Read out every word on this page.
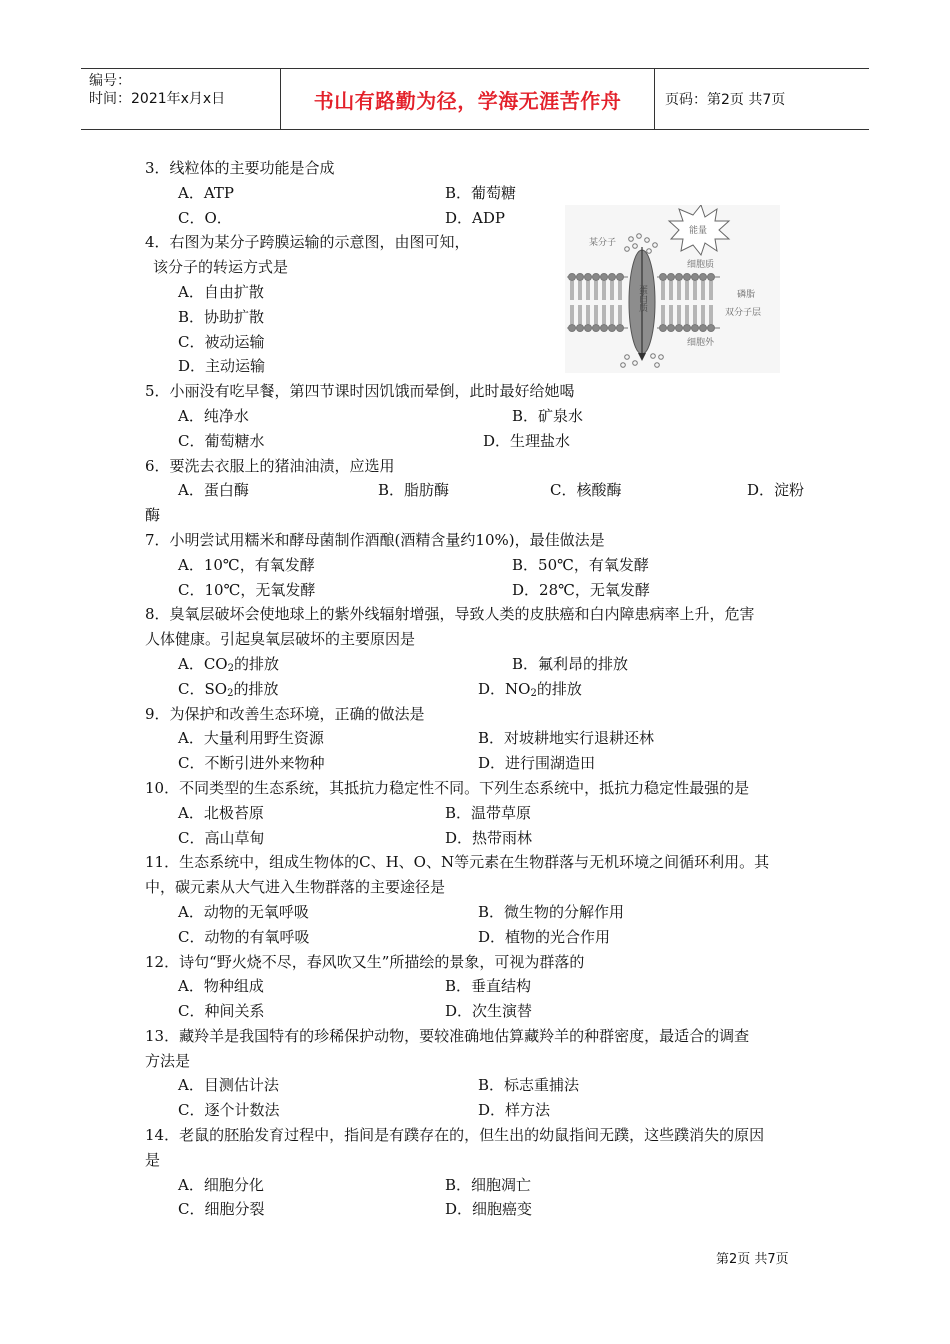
编号：
时间：2021年x月x日	书山有路勤为径，学海无涯苦作舟	页码：第2页 共7页
3．线粒体的主要功能是合成
A．ATP	B．葡萄糖
C．O．	D．ADP
4．右图为某分子跨膜运输的示意图，由图可知，
该分子的转运方式是
A．自由扩散
B．协助扩散
C．被动运输
D．主动运输
5．小丽没有吃早餐，第四节课时因饥饿而晕倒，此时最好给她喝
A．纯净水	B．矿泉水
C．葡萄糖水	D．生理盐水
6．要洗去衣服上的猪油油渍，应选用
A．蛋白酶	B．脂肪酶	C．核酸酶	D．淀粉
酶
7．小明尝试用糯米和酵母菌制作酒酿(酒精含量约10%)，最佳做法是
A．10℃，有氧发酵	B．50℃，有氧发酵
C．10℃，无氧发酵	D．28℃，无氧发酵
8．臭氧层破坏会使地球上的紫外线辐射增强，导致人类的皮肤癌和白内障患病率上升，危害
人体健康。引起臭氧层破坏的主要原因是
A．$CO_2$的排放	B．氟利昂的排放
C．$SO_2$的排放	D．$NO_2$的排放
9．为保护和改善生态环境，正确的做法是
A．大量利用野生资源	B．对坡耕地实行退耕还林
C．不断引进外来物种	D．进行围湖造田
10．不同类型的生态系统，其抵抗力稳定性不同。下列生态系统中，抵抗力稳定性最强的是
A．北极苔原	B．温带草原
C．高山草甸	D．热带雨林
11．生态系统中，组成生物体的C、H、O、N等元素在生物群落与无机环境之间循环利用。其
中，碳元素从大气进入生物群落的主要途径是
A．动物的无氧呼吸	B．微生物的分解作用
C．动物的有氧呼吸	D．植物的光合作用
12．诗句“野火烧不尽，春风吹又生”所描绘的景象，可视为群落的
A．物种组成	B．垂直结构
C．种间关系	D．次生演替
13．藏羚羊是我国特有的珍稀保护动物，要较准确地估算藏羚羊的种群密度，最适合的调查
方法是
A．目测估计法	B．标志重捕法
C．逐个计数法	D．样方法
14．老鼠的胚胎发育过程中，指间是有蹼存在的，但生出的幼鼠指间无蹼，这些蹼消失的原因
是
A．细胞分化	B．细胞凋亡
C．细胞分裂	D．细胞癌变
某分子
能量
细胞质
磷脂
双分子层
细胞外
蛋白质
第2页 共7页
